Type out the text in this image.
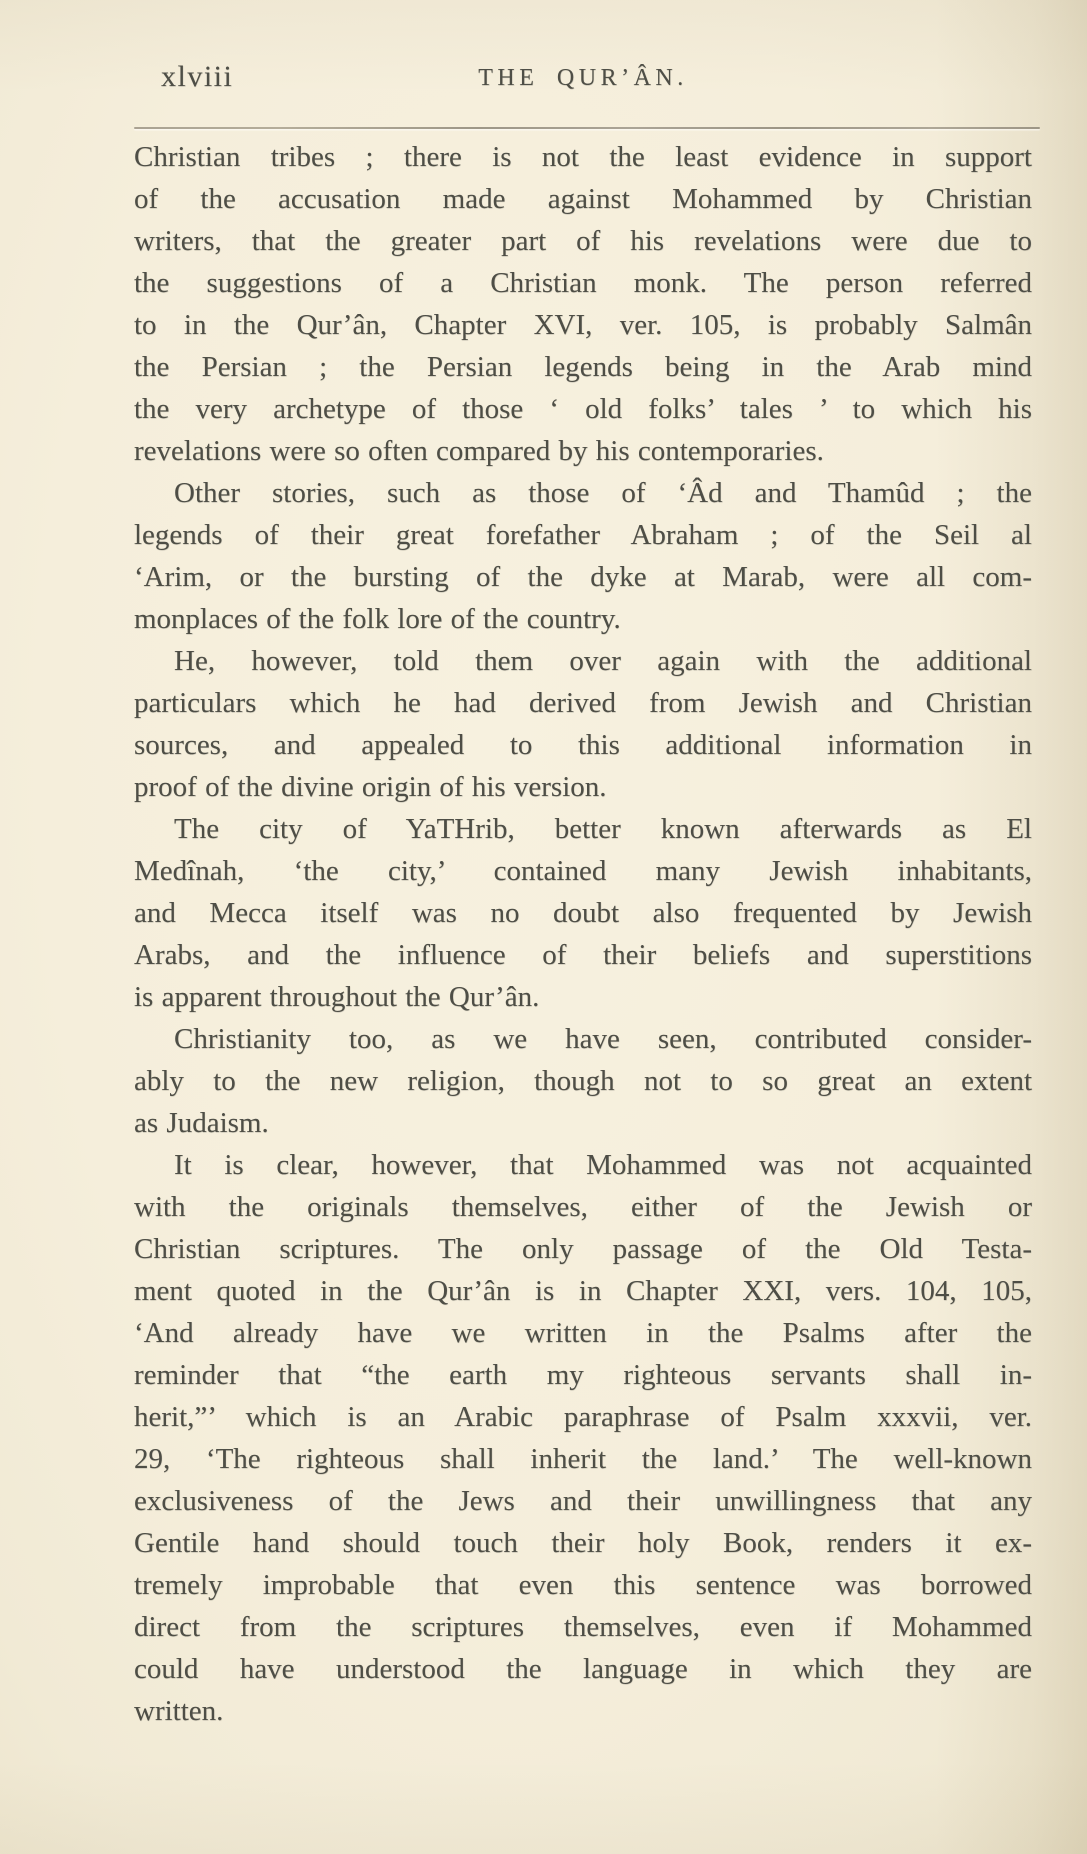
xlviii	THE QUR’ÂN.
Christian tribes ; there is not the least evidence in support
of the accusation made against Mohammed by Christian
writers, that the greater part of his revelations were due to
the suggestions of a Christian monk. The person referred
to in the Qur’ân, Chapter XVI, ver. 105, is probably Salmân
the Persian ; the Persian legends being in the Arab mind
the very archetype of those ‘ old folks’ tales ’ to which his
revelations were so often compared by his contemporaries.
Other stories, such as those of ‘Âd and Thamûd ; the
legends of their great forefather Abraham ; of the Seil al
‘Arim, or the bursting of the dyke at Marab, were all com-
monplaces of the folk lore of the country.
He, however, told them over again with the additional
particulars which he had derived from Jewish and Christian
sources, and appealed to this additional information in
proof of the divine origin of his version.
The city of YaTHrib, better known afterwards as El
Medînah, ‘the city,’ contained many Jewish inhabitants,
and Mecca itself was no doubt also frequented by Jewish
Arabs, and the influence of their beliefs and superstitions
is apparent throughout the Qur’ân.
Christianity too, as we have seen, contributed consider-
ably to the new religion, though not to so great an extent
as Judaism.
It is clear, however, that Mohammed was not acquainted
with the originals themselves, either of the Jewish or
Christian scriptures. The only passage of the Old Testa-
ment quoted in the Qur’ân is in Chapter XXI, vers. 104, 105,
‘And already have we written in the Psalms after the
reminder that “the earth my righteous servants shall in-
herit,”’ which is an Arabic paraphrase of Psalm xxxvii, ver.
29, ‘The righteous shall inherit the land.’ The well-known
exclusiveness of the Jews and their unwillingness that any
Gentile hand should touch their holy Book, renders it ex-
tremely improbable that even this sentence was borrowed
direct from the scriptures themselves, even if Mohammed
could have understood the language in which they are
written.
